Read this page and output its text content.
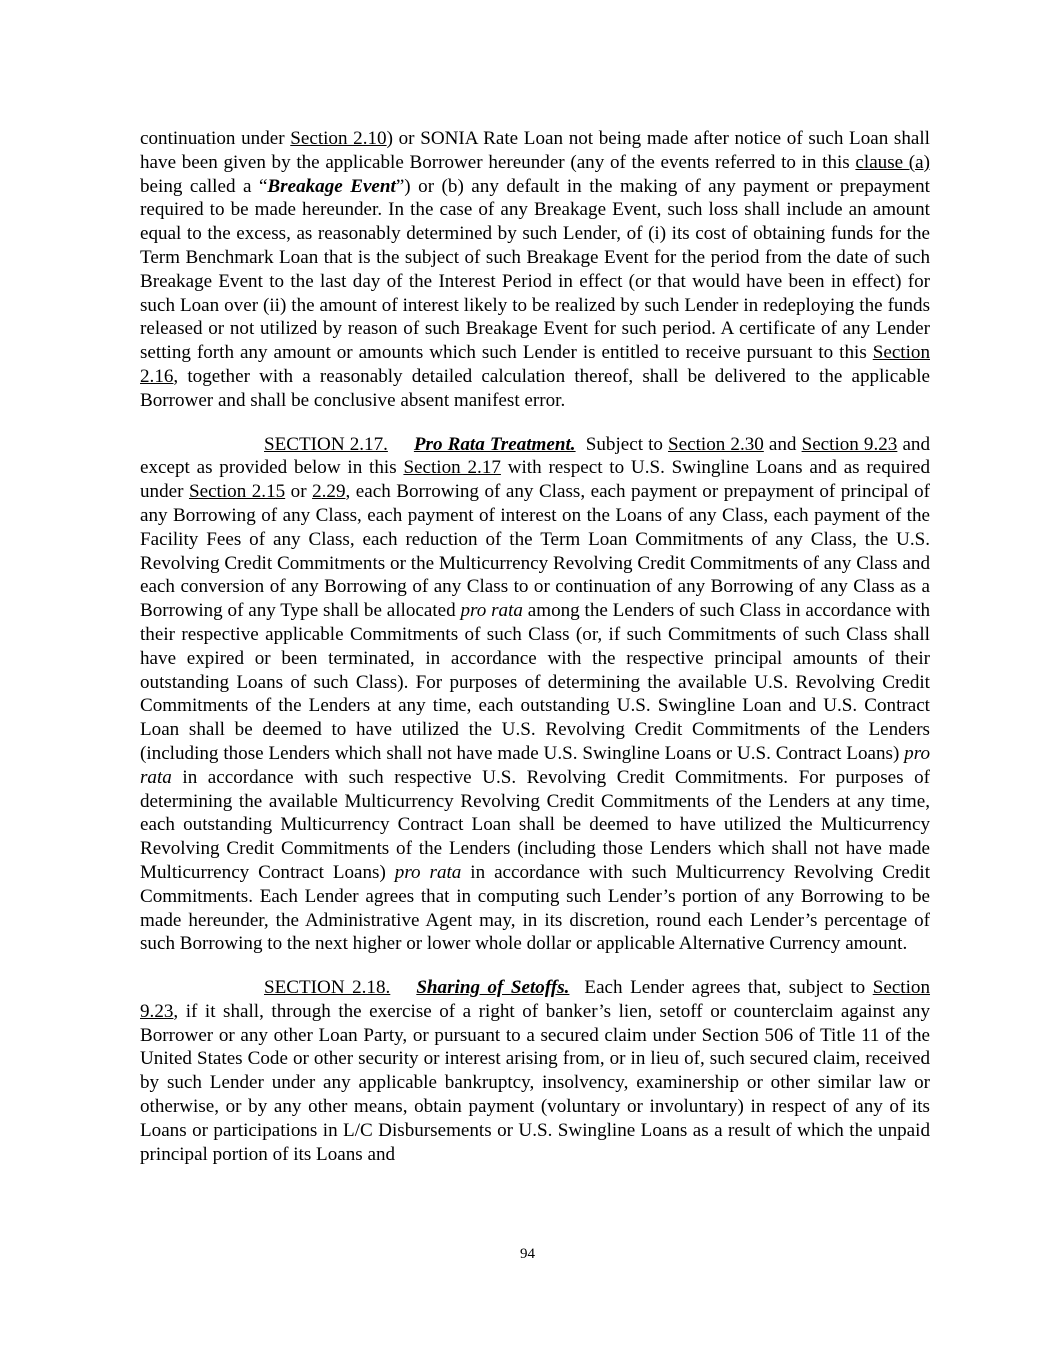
continuation under Section 2.10) or SONIA Rate Loan not being made after notice of such Loan shall have been given by the applicable Borrower hereunder (any of the events referred to in this clause (a) being called a “Breakage Event”) or (b) any default in the making of any payment or prepayment required to be made hereunder. In the case of any Breakage Event, such loss shall include an amount equal to the excess, as reasonably determined by such Lender, of (i) its cost of obtaining funds for the Term Benchmark Loan that is the subject of such Breakage Event for the period from the date of such Breakage Event to the last day of the Interest Period in effect (or that would have been in effect) for such Loan over (ii) the amount of interest likely to be realized by such Lender in redeploying the funds released or not utilized by reason of such Breakage Event for such period. A certificate of any Lender setting forth any amount or amounts which such Lender is entitled to receive pursuant to this Section 2.16, together with a reasonably detailed calculation thereof, shall be delivered to the applicable Borrower and shall be conclusive absent manifest error.

SECTION 2.17. Pro Rata Treatment.  Subject to Section 2.30 and Section 9.23 and except as provided below in this Section 2.17 with respect to U.S. Swingline Loans and as required under Section 2.15 or 2.29, each Borrowing of any Class, each payment or prepayment of principal of any Borrowing of any Class, each payment of interest on the Loans of any Class, each payment of the Facility Fees of any Class, each reduction of the Term Loan Commitments of any Class, the U.S. Revolving Credit Commitments or the Multicurrency Revolving Credit Commitments of any Class and each conversion of any Borrowing of any Class to or continuation of any Borrowing of any Class as a Borrowing of any Type shall be allocated pro rata among the Lenders of such Class in accordance with their respective applicable Commitments of such Class (or, if such Commitments of such Class shall have expired or been terminated, in accordance with the respective principal amounts of their outstanding Loans of such Class). For purposes of determining the available U.S. Revolving Credit Commitments of the Lenders at any time, each outstanding U.S. Swingline Loan and U.S. Contract Loan shall be deemed to have utilized the U.S. Revolving Credit Commitments of the Lenders (including those Lenders which shall not have made U.S. Swingline Loans or U.S. Contract Loans) pro rata in accordance with such respective U.S. Revolving Credit Commitments. For purposes of determining the available Multicurrency Revolving Credit Commitments of the Lenders at any time, each outstanding Multicurrency Contract Loan shall be deemed to have utilized the Multicurrency Revolving Credit Commitments of the Lenders (including those Lenders which shall not have made Multicurrency Contract Loans) pro rata in accordance with such Multicurrency Revolving Credit Commitments. Each Lender agrees that in computing such Lender’s portion of any Borrowing to be made hereunder, the Administrative Agent may, in its discretion, round each Lender’s percentage of such Borrowing to the next higher or lower whole dollar or applicable Alternative Currency amount.

SECTION 2.18. Sharing of Setoffs.  Each Lender agrees that, subject to Section 9.23, if it shall, through the exercise of a right of banker’s lien, setoff or counterclaim against any Borrower or any other Loan Party, or pursuant to a secured claim under Section 506 of Title 11 of the United States Code or other security or interest arising from, or in lieu of, such secured claim, received by such Lender under any applicable bankruptcy, insolvency, examinership or other similar law or otherwise, or by any other means, obtain payment (voluntary or involuntary) in respect of any of its Loans or participations in L/C Disbursements or U.S. Swingline Loans as a result of which the unpaid principal portion of its Loans and

94
